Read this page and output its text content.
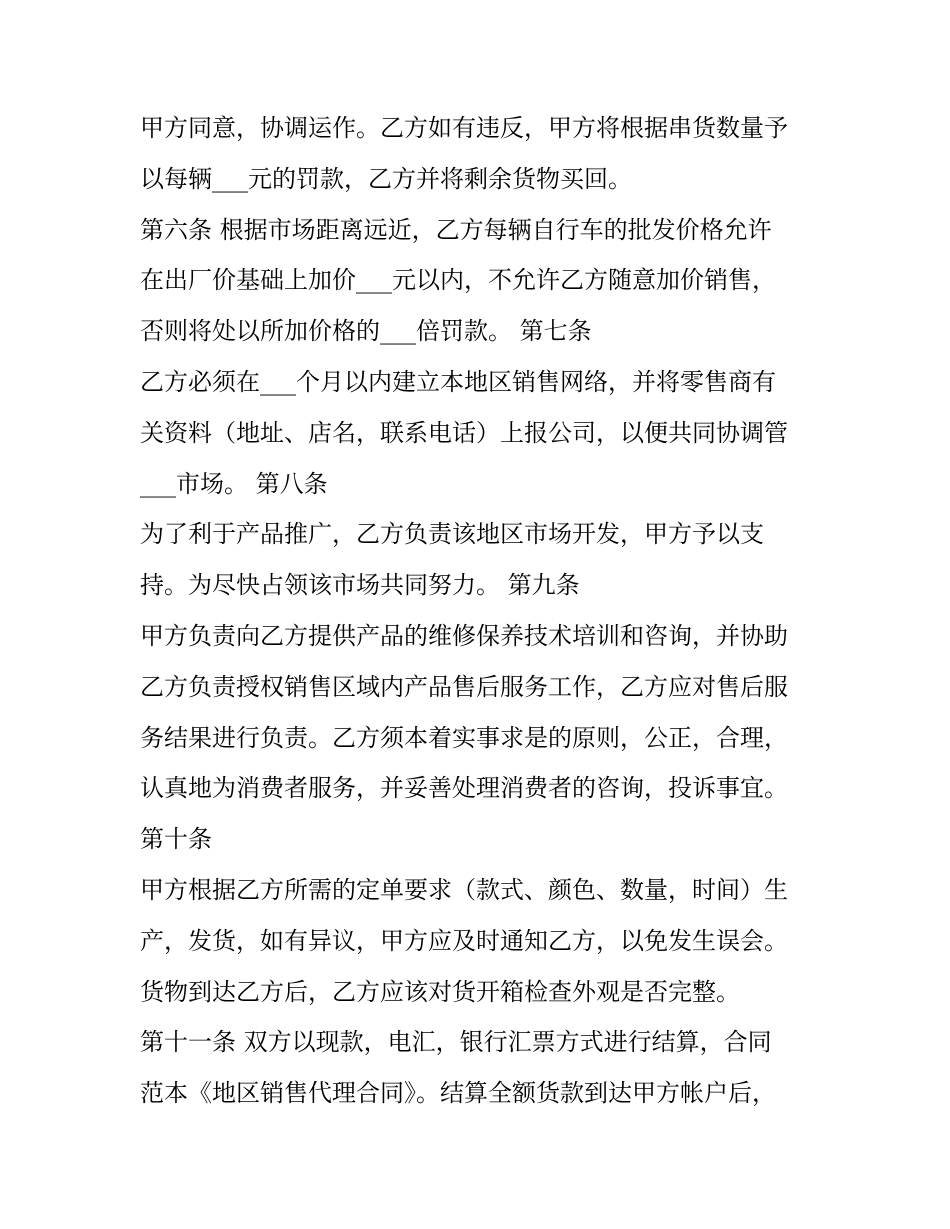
甲方同意，协调运作。乙方如有违反，甲方将根据串货数量予
以每辆___元的罚款，乙方并将剩余货物买回。
第六条 根据市场距离远近，乙方每辆自行车的批发价格允许
在出厂价基础上加价___元以内，不允许乙方随意加价销售，
否则将处以所加价格的___倍罚款。 第七条
乙方必须在___个月以内建立本地区销售网络，并将零售商有
关资料（地址、店名，联系电话）上报公司，以便共同协调管
___市场。 第八条
为了利于产品推广，乙方负责该地区市场开发，甲方予以支
持。为尽快占领该市场共同努力。 第九条
甲方负责向乙方提供产品的维修保养技术培训和咨询，并协助
乙方负责授权销售区域内产品售后服务工作，乙方应对售后服
务结果进行负责。乙方须本着实事求是的原则，公正，合理，
认真地为消费者服务，并妥善处理消费者的咨询，投诉事宜。
第十条
甲方根据乙方所需的定单要求（款式、颜色、数量，时间）生
产，发货，如有异议，甲方应及时通知乙方，以免发生误会。
货物到达乙方后，乙方应该对货开箱检查外观是否完整。
第十一条 双方以现款，电汇，银行汇票方式进行结算，合同
范本《地区销售代理合同》。结算全额货款到达甲方帐户后，
